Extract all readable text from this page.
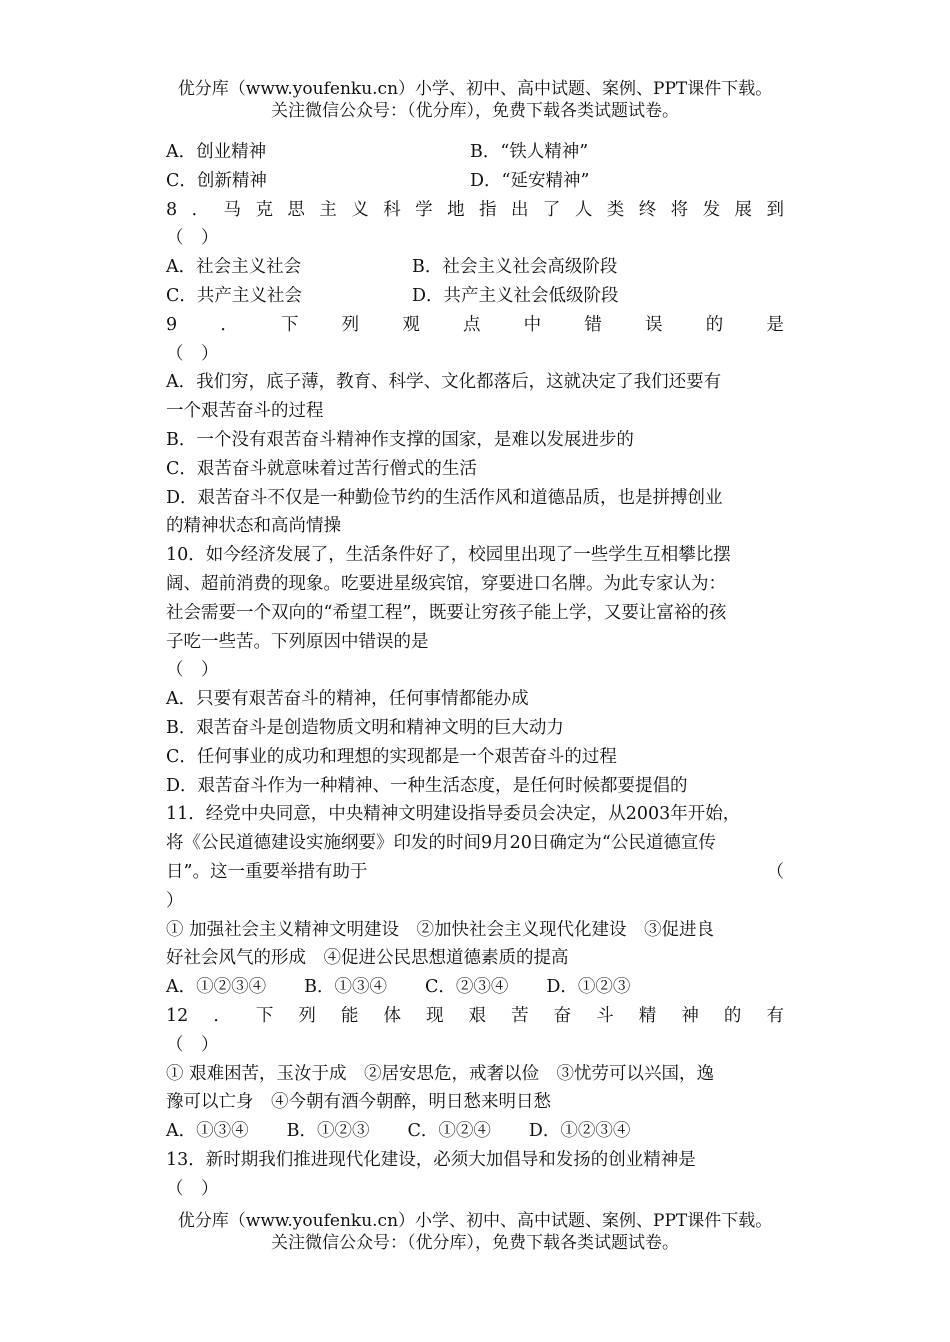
优分库（www.youfenku.cn）小学、初中、高中试题、案例、PPT课件下载。
关注微信公众号：（优分库），免费下载各类试题试卷。
A．创业精神	B．“铁人精神”
C．创新精神	D．“延安精神”
8 ． 马 克 思 主 义 科 学 地 指 出 了 人 类 终 将 发 展 到
（　）
A．社会主义社会	B．社会主义社会高级阶段
C．共产主义社会	D．共产主义社会低级阶段
9 ． 下 列 观 点 中 错 误 的 是
（　）
A．我们穷，底子薄，教育、科学、文化都落后，这就决定了我们还要有
一个艰苦奋斗的过程
B．一个没有艰苦奋斗精神作支撑的国家，是难以发展进步的
C．艰苦奋斗就意味着过苦行僧式的生活
D．艰苦奋斗不仅是一种勤俭节约的生活作风和道德品质，也是拼搏创业
的精神状态和高尚情操
10．如今经济发展了，生活条件好了，校园里出现了一些学生互相攀比摆
阔、超前消费的现象。吃要进星级宾馆，穿要进口名牌。为此专家认为：
社会需要一个双向的“希望工程”，既要让穷孩子能上学，又要让富裕的孩
子吃一些苦。下列原因中错误的是
（　）
A．只要有艰苦奋斗的精神，任何事情都能办成
B．艰苦奋斗是创造物质文明和精神文明的巨大动力
C．任何事业的成功和理想的实现都是一个艰苦奋斗的过程
D．艰苦奋斗作为一种精神、一种生活态度，是任何时候都要提倡的
11．经党中央同意，中央精神文明建设指导委员会决定，从2003年开始，
将《公民道德建设实施纲要》印发的时间9月20日确定为“公民道德宣传
日”。这一重要举措有助于	（
）
① 加强社会主义精神文明建设　②加快社会主义现代化建设　③促进良
好社会风气的形成　④促进公民思想道德素质的提高
A．①②③④ B．①③④ C．②③④ D．①②③
12 ． 下 列 能 体 现 艰 苦 奋 斗 精 神 的 有
（　）
① 艰难困苦，玉汝于成　②居安思危，戒奢以俭　③忧劳可以兴国，逸
豫可以亡身　④今朝有酒今朝醉，明日愁来明日愁
A．①③④ B．①②③ C．①②④ D．①②③④
13．新时期我们推进现代化建设，必须大加倡导和发扬的创业精神是
（　）
优分库（www.youfenku.cn）小学、初中、高中试题、案例、PPT课件下载。
关注微信公众号：（优分库），免费下载各类试题试卷。
